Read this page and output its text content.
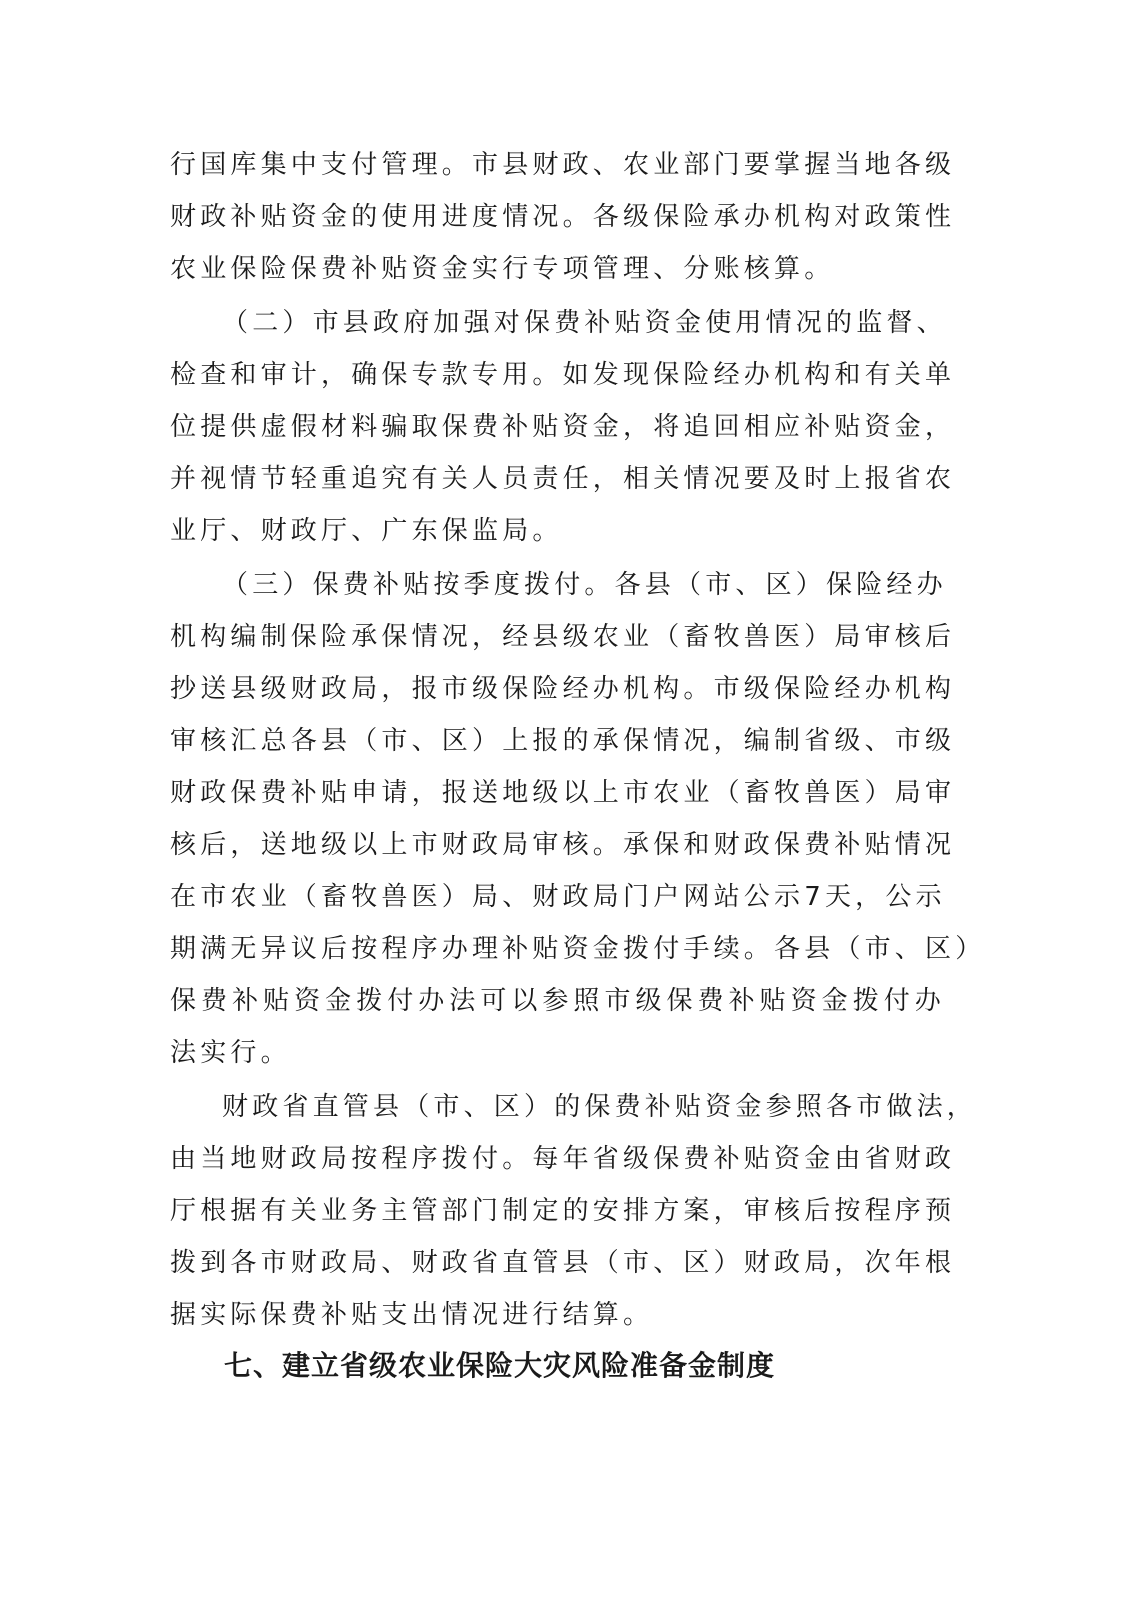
行国库集中支付管理。市县财政、农业部门要掌握当地各级
财政补贴资金的使用进度情况。各级保险承办机构对政策性
农业保险保费补贴资金实行专项管理、分账核算。
（二）市县政府加强对保费补贴资金使用情况的监督、
检查和审计，确保专款专用。如发现保险经办机构和有关单
位提供虚假材料骗取保费补贴资金，将追回相应补贴资金，
并视情节轻重追究有关人员责任，相关情况要及时上报省农
业厅、财政厅、广东保监局。
（三）保费补贴按季度拨付。各县（市、区）保险经办
机构编制保险承保情况，经县级农业（畜牧兽医）局审核后
抄送县级财政局，报市级保险经办机构。市级保险经办机构
审核汇总各县（市、区）上报的承保情况，编制省级、市级
财政保费补贴申请，报送地级以上市农业（畜牧兽医）局审
核后，送地级以上市财政局审核。承保和财政保费补贴情况
在市农业（畜牧兽医）局、财政局门户网站公示7天，公示
期满无异议后按程序办理补贴资金拨付手续。各县（市、区）
保费补贴资金拨付办法可以参照市级保费补贴资金拨付办
法实行。
财政省直管县（市、区）的保费补贴资金参照各市做法，
由当地财政局按程序拨付。每年省级保费补贴资金由省财政
厅根据有关业务主管部门制定的安排方案，审核后按程序预
拨到各市财政局、财政省直管县（市、区）财政局，次年根
据实际保费补贴支出情况进行结算。
七、建立省级农业保险大灾风险准备金制度
